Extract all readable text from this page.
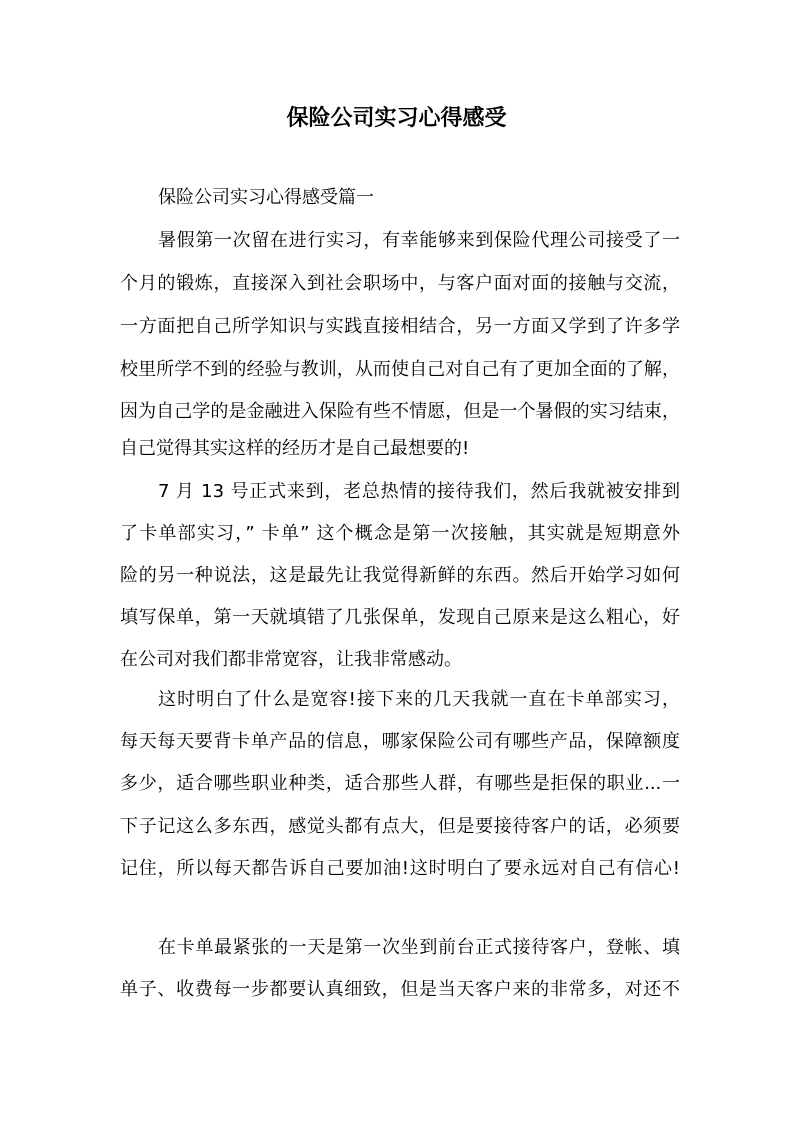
保险公司实习心得感受

保险公司实习心得感受篇一

暑假第一次留在进行实习，有幸能够来到保险代理公司接受了一

个月的锻炼，直接深入到社会职场中，与客户面对面的接触与交流，

一方面把自己所学知识与实践直接相结合，另一方面又学到了许多学

校里所学不到的经验与教训，从而使自己对自己有了更加全面的了解，

因为自己学的是金融进入保险有些不情愿，但是一个暑假的实习结束，

自己觉得其实这样的经历才是自己最想要的!

7 月 13 号正式来到，老总热情的接待我们，然后我就被安排到

了卡单部实习，” 卡单” 这个概念是第一次接触，其实就是短期意外

险的另一种说法，这是最先让我觉得新鲜的东西。然后开始学习如何

填写保单，第一天就填错了几张保单，发现自己原来是这么粗心，好

在公司对我们都非常宽容，让我非常感动。

这时明白了什么是宽容!接下来的几天我就一直在卡单部实习，

每天每天要背卡单产品的信息，哪家保险公司有哪些产品，保障额度

多少，适合哪些职业种类，适合那些人群，有哪些是拒保的职业...一

下子记这么多东西，感觉头都有点大，但是要接待客户的话，必须要

记住，所以每天都告诉自己要加油!这时明白了要永远对自己有信心!

在卡单最紧张的一天是第一次坐到前台正式接待客户，登帐、填

单子、收费每一步都要认真细致，但是当天客户来的非常多，对还不
